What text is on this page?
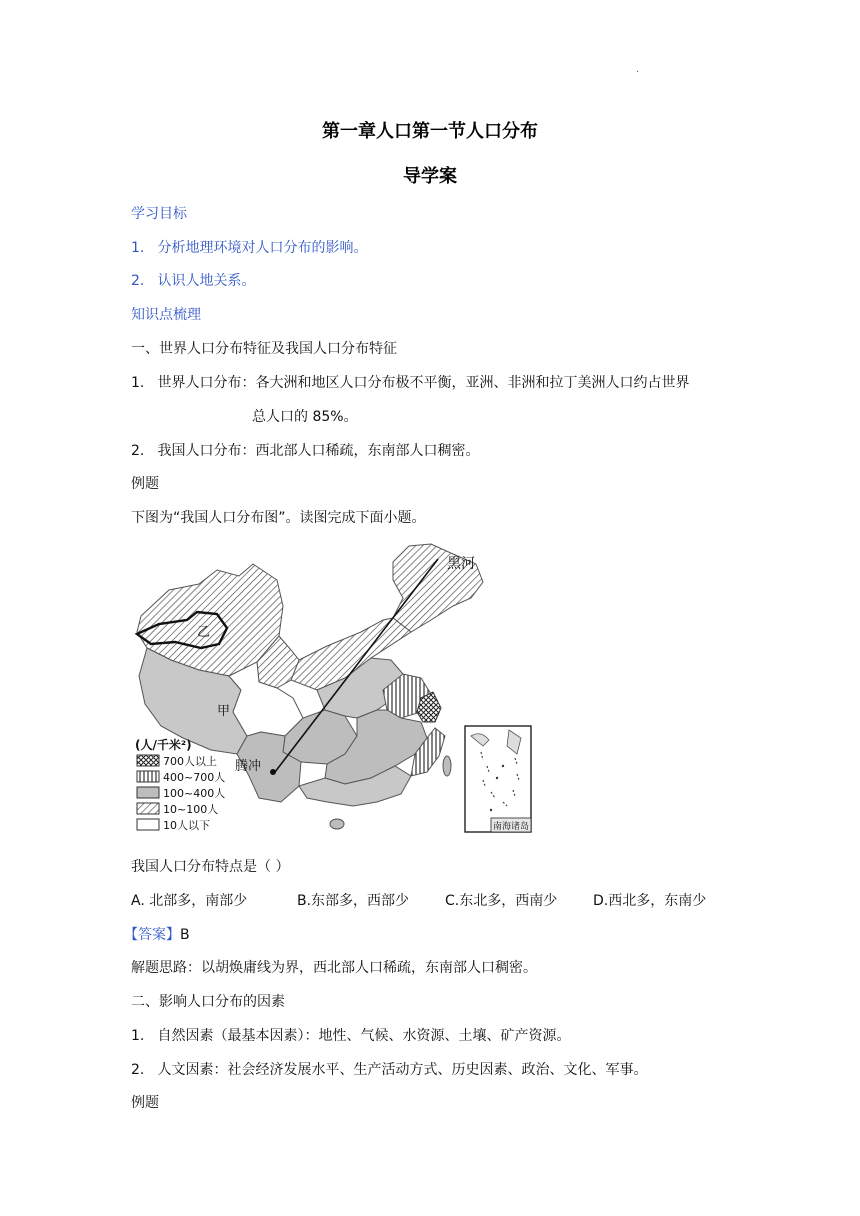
.
第一章人口第一节人口分布
导学案
学习目标
1. 分析地理环境对人口分布的影响。
2. 认识人地关系。
知识点梳理
一、世界人口分布特征及我国人口分布特征
1. 世界人口分布：各大洲和地区人口分布极不平衡，亚洲、非洲和拉丁美洲人口约占世界
总人口的 85%。
2. 我国人口分布：西北部人口稀疏，东南部人口稠密。
例题
下图为“我国人口分布图”。读图完成下面小题。
黑河
乙
甲
腾冲
(人/千米²)
700人以上
400~700人
100~400人
10~100人
10人以下	南海诸岛
我国人口分布特点是（ ）
A. 北部多，南部少	B.东部多，西部少	C.东北多，西南少	D.西北多，东南少
【答案】B
解题思路：以胡焕庸线为界，西北部人口稀疏，东南部人口稠密。
二、影响人口分布的因素
1. 自然因素（最基本因素）：地性、气候、水资源、土壤、矿产资源。
2. 人文因素：社会经济发展水平、生产活动方式、历史因素、政治、文化、军事。
例题
